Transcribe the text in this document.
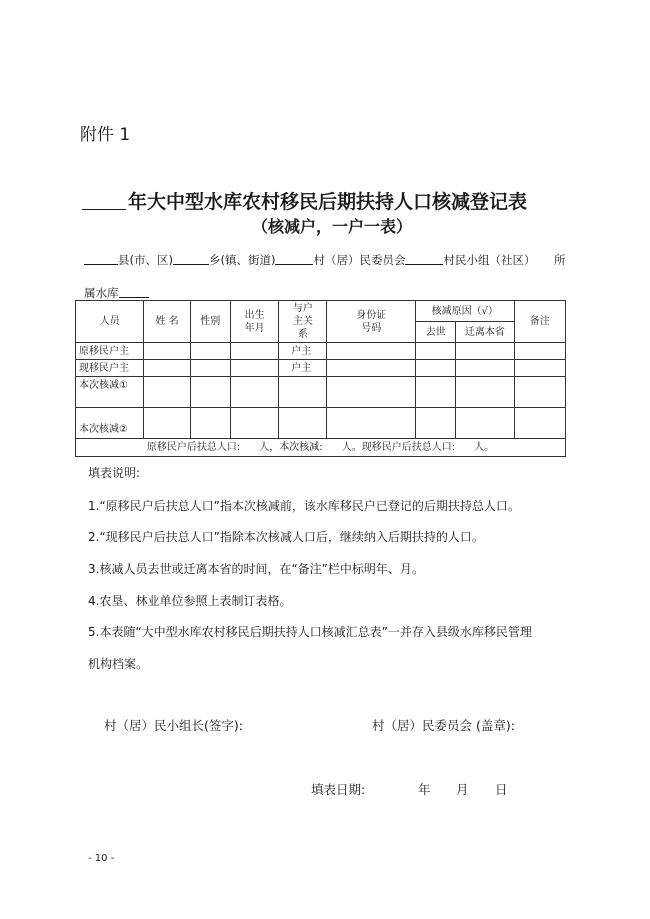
附件 1
年大中型水库农村移民后期扶持人口核减登记表
（核减户，一户一表）
县(市、区)	乡(镇、街道)	村（居）民委员会	村民小组（社区）	所
属水库
人员	姓 名	性别	出生年月	与户主关系	身份证号码	核减原因（√）		备注
						去世	迁离本省	
原移民户主				户主				
现移民户主				户主				
本次核减①								
本次核减②								
原移民户后扶总人口:      人，本次核减:      人。现移民户后扶总人口:      人。								
填表说明:
1.“原移民户后扶总人口”指本次核减前，该水库移民户已登记的后期扶持总人口。
2.“现移民户后扶总人口”指除本次核减人口后，继续纳入后期扶持的人口。
3.核减人员去世或迁离本省的时间，在“备注”栏中标明年、月。
4.农垦、林业单位参照上表制订表格。
5.本表随“大中型水库农村移民后期扶持人口核减汇总表”一并存入县级水库移民管理
机构档案。
村（居）民小组长(签字):	村（居）民委员会 (盖章):
填表日期:	年 月 日
- 10 -
